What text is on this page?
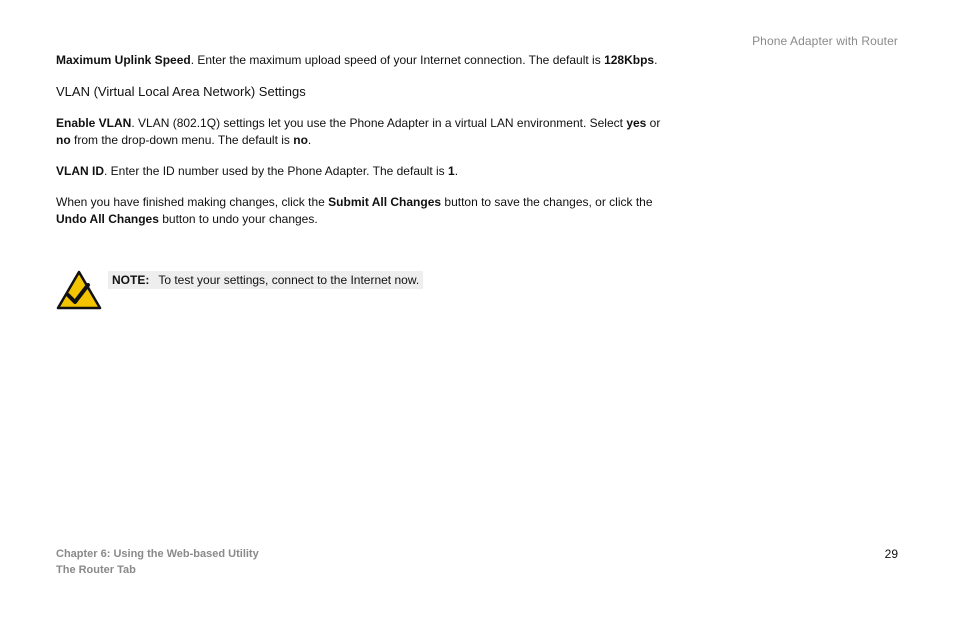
Phone Adapter with Router

Maximum Uplink Speed. Enter the maximum upload speed of your Internet connection. The default is 128Kbps.

VLAN (Virtual Local Area Network) Settings

Enable VLAN. VLAN (802.1Q) settings let you use the Phone Adapter in a virtual LAN environment. Select yes or no from the drop-down menu. The default is no.

VLAN ID. Enter the ID number used by the Phone Adapter. The default is 1.

When you have finished making changes, click the Submit All Changes button to save the changes, or click the Undo All Changes button to undo your changes.

NOTE: To test your settings, connect to the Internet now.
Chapter 6: Using the Web-based Utility
The Router Tab
29
